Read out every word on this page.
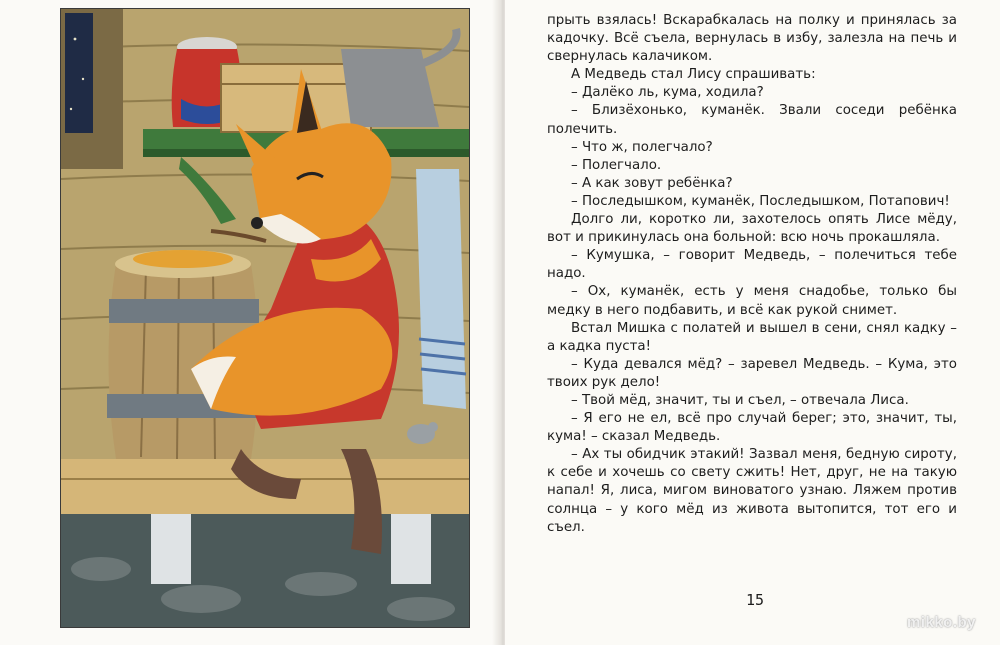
прыть взялась! Вскарабкалась на полку и принялась за кадочку. Всё съела, вернулась в избу, залезла на печь и свернулась калачиком.

А Медведь стал Лису спрашивать:

– Далёко ль, кума, ходила?

– Близёхонько, куманёк. Звали соседи ребёнка полечить.

– Что ж, полегчало?

– Полегчало.

– А как зовут ребёнка?

– Последышком, куманёк, Последышком, Потапович!

Долго ли, коротко ли, захотелось опять Лисе мёду, вот и прикинулась она больной: всю ночь прокашляла.

– Кумушка, – говорит Медведь, – полечиться тебе надо.

– Ох, куманёк, есть у меня снадобье, только бы медку в него подбавить, и всё как рукой снимет.

Встал Мишка с полатей и вышел в сени, снял кадку – а кадка пуста!

– Куда девался мёд? – заревел Медведь. – Кума, это твоих рук дело!

– Твой мёд, значит, ты и съел, – отвечала Лиса.

– Я его не ел, всё про случай берег; это, значит, ты, кума! – сказал Медведь.

– Ах ты обидчик этакий! Зазвал меня, бедную сироту, к себе и хочешь со свету сжить! Нет, друг, не на такую напал! Я, лиса, мигом виноватого узнаю. Ляжем против солнца – у кого мёд из живота вытопится, тот его и съел.

15
mikko.by
